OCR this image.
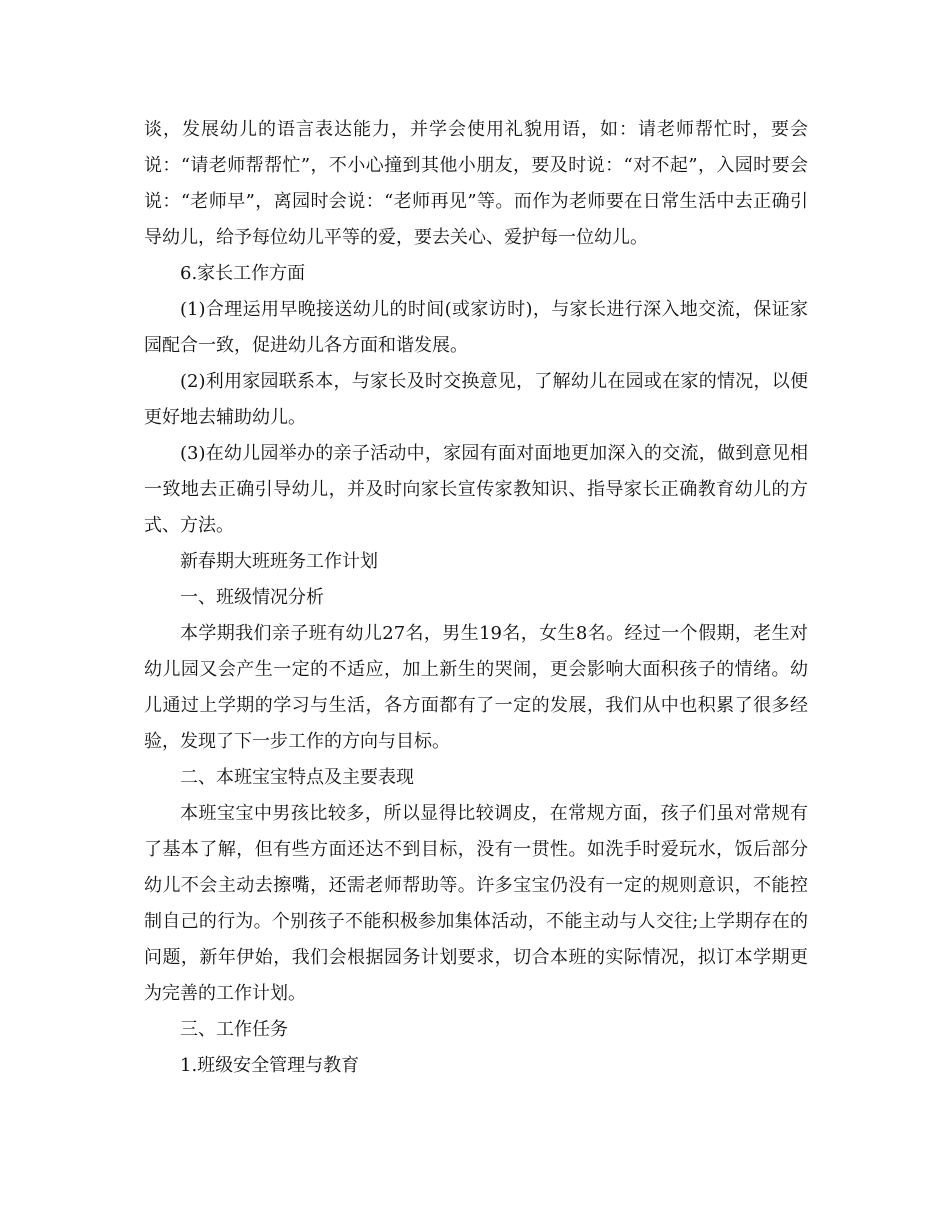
谈，发展幼儿的语言表达能力，并学会使用礼貌用语，如：请老师帮忙时，要会说：“请老师帮帮忙”，不小心撞到其他小朋友，要及时说：“对不起”，入园时要会说：“老师早”，离园时会说：“老师再见”等。而作为老师要在日常生活中去正确引导幼儿，给予每位幼儿平等的爱，要去关心、爱护每一位幼儿。

6.家长工作方面

(1)合理运用早晚接送幼儿的时间(或家访时)，与家长进行深入地交流，保证家园配合一致，促进幼儿各方面和谐发展。

(2)利用家园联系本，与家长及时交换意见，了解幼儿在园或在家的情况，以便更好地去辅助幼儿。

(3)在幼儿园举办的亲子活动中，家园有面对面地更加深入的交流，做到意见相一致地去正确引导幼儿，并及时向家长宣传家教知识、指导家长正确教育幼儿的方式、方法。

新春期大班班务工作计划

一、班级情况分析

本学期我们亲子班有幼儿27名，男生19名，女生8名。经过一个假期，老生对幼儿园又会产生一定的不适应，加上新生的哭闹，更会影响大面积孩子的情绪。幼儿通过上学期的学习与生活，各方面都有了一定的发展，我们从中也积累了很多经验，发现了下一步工作的方向与目标。

二、本班宝宝特点及主要表现

本班宝宝中男孩比较多，所以显得比较调皮，在常规方面，孩子们虽对常规有了基本了解，但有些方面还达不到目标，没有一贯性。如洗手时爱玩水，饭后部分幼儿不会主动去擦嘴，还需老师帮助等。许多宝宝仍没有一定的规则意识，不能控制自己的行为。个别孩子不能积极参加集体活动，不能主动与人交往;上学期存在的问题，新年伊始，我们会根据园务计划要求，切合本班的实际情况，拟订本学期更为完善的工作计划。

三、工作任务

1.班级安全管理与教育
